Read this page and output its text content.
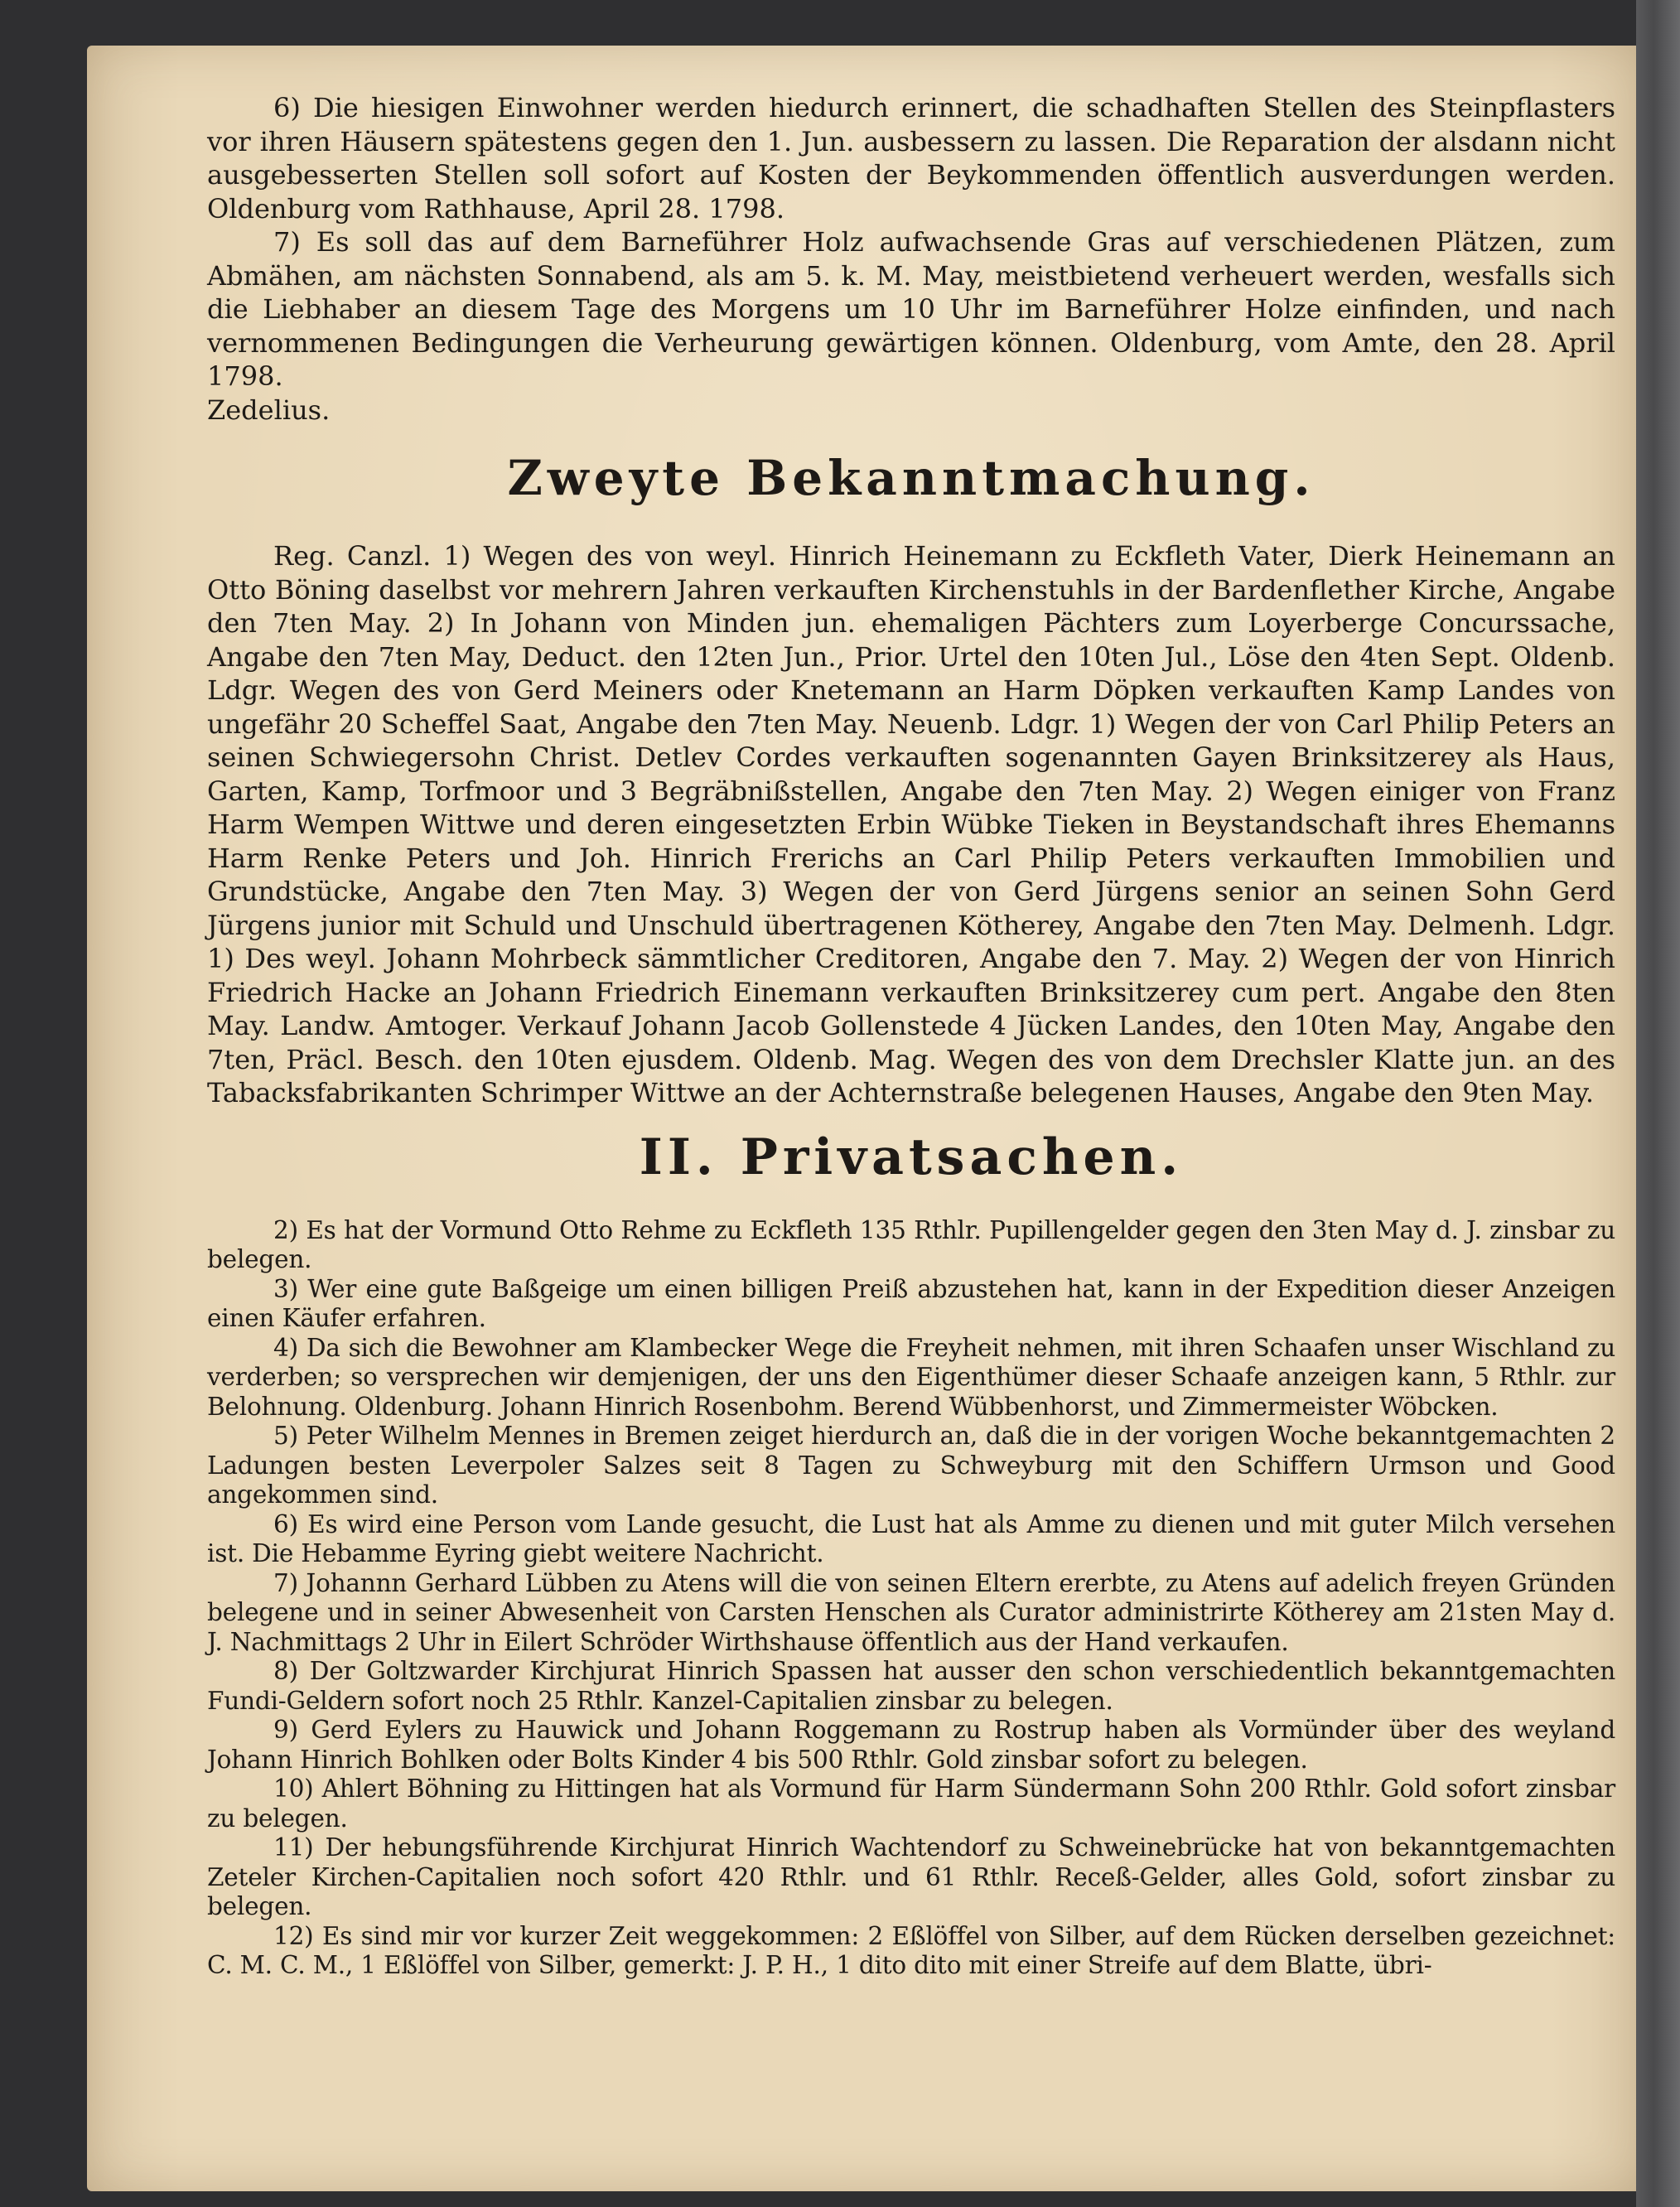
6) Die hiesigen Einwohner werden hiedurch erinnert, die schadhaften Stellen des Steinpflasters vor ihren Häusern spätestens gegen den 1. Jun. ausbessern zu lassen. Die Reparation der alsdann nicht ausgebesserten Stellen soll sofort auf Kosten der Beykommenden öffentlich ausverdungen werden. Oldenburg vom Rathhause, April 28. 1798.

7) Es soll das auf dem Barneführer Holz aufwachsende Gras auf verschiedenen Plätzen, zum Abmähen, am nächsten Sonnabend, als am 5. k. M. May, meistbietend verheuert werden, wesfalls sich die Liebhaber an diesem Tage des Morgens um 10 Uhr im Barneführer Holze einfinden, und nach vernommenen Bedingungen die Verheurung gewärtigen können. Oldenburg, vom Amte, den 28. April 1798.

Zedelius.

Zweyte Bekanntmachung.

Reg. Canzl. 1) Wegen des von weyl. Hinrich Heinemann zu Eckfleth Vater, Dierk Heinemann an Otto Böning daselbst vor mehrern Jahren verkauften Kirchenstuhls in der Bardenflether Kirche, Angabe den 7ten May. 2) In Johann von Minden jun. ehemaligen Pächters zum Loyerberge Concurssache, Angabe den 7ten May, Deduct. den 12ten Jun., Prior. Urtel den 10ten Jul., Löse den 4ten Sept. Oldenb. Ldgr. Wegen des von Gerd Meiners oder Knetemann an Harm Döpken verkauften Kamp Landes von ungefähr 20 Scheffel Saat, Angabe den 7ten May. Neuenb. Ldgr. 1) Wegen der von Carl Philip Peters an seinen Schwiegersohn Christ. Detlev Cordes verkauften sogenannten Gayen Brinksitzerey als Haus, Garten, Kamp, Torfmoor und 3 Begräbnißstellen, Angabe den 7ten May. 2) Wegen einiger von Franz Harm Wempen Wittwe und deren eingesetzten Erbin Wübke Tieken in Beystandschaft ihres Ehemanns Harm Renke Peters und Joh. Hinrich Frerichs an Carl Philip Peters verkauften Immobilien und Grundstücke, Angabe den 7ten May. 3) Wegen der von Gerd Jürgens senior an seinen Sohn Gerd Jürgens junior mit Schuld und Unschuld übertragenen Kötherey, Angabe den 7ten May. Delmenh. Ldgr. 1) Des weyl. Johann Mohrbeck sämmtlicher Creditoren, Angabe den 7. May. 2) Wegen der von Hinrich Friedrich Hacke an Johann Friedrich Einemann verkauften Brinksitzerey cum pert. Angabe den 8ten May. Landw. Amtoger. Verkauf Johann Jacob Gollenstede 4 Jücken Landes, den 10ten May, Angabe den 7ten, Präcl. Besch. den 10ten ejusdem. Oldenb. Mag. Wegen des von dem Drechsler Klatte jun. an des Tabacksfabrikanten Schrimper Wittwe an der Achternstraße belegenen Hauses, Angabe den 9ten May.

II. Privatsachen.

2) Es hat der Vormund Otto Rehme zu Eckfleth 135 Rthlr. Pupillengelder gegen den 3ten May d. J. zinsbar zu belegen.

3) Wer eine gute Baßgeige um einen billigen Preiß abzustehen hat, kann in der Expedition dieser Anzeigen einen Käufer erfahren.

4) Da sich die Bewohner am Klambecker Wege die Freyheit nehmen, mit ihren Schaafen unser Wischland zu verderben; so versprechen wir demjenigen, der uns den Eigenthümer dieser Schaafe anzeigen kann, 5 Rthlr. zur Belohnung. Oldenburg. Johann Hinrich Rosenbohm. Berend Wübbenhorst, und Zimmermeister Wöbcken.

5) Peter Wilhelm Mennes in Bremen zeiget hierdurch an, daß die in der vorigen Woche bekanntgemachten 2 Ladungen besten Leverpoler Salzes seit 8 Tagen zu Schweyburg mit den Schiffern Urmson und Good angekommen sind.

6) Es wird eine Person vom Lande gesucht, die Lust hat als Amme zu dienen und mit guter Milch versehen ist. Die Hebamme Eyring giebt weitere Nachricht.

7) Johannn Gerhard Lübben zu Atens will die von seinen Eltern ererbte, zu Atens auf adelich freyen Gründen belegene und in seiner Abwesenheit von Carsten Henschen als Curator administrirte Kötherey am 21sten May d. J. Nachmittags 2 Uhr in Eilert Schröder Wirthshause öffentlich aus der Hand verkaufen.

8) Der Goltzwarder Kirchjurat Hinrich Spassen hat ausser den schon verschiedentlich bekanntgemachten Fundi-Geldern sofort noch 25 Rthlr. Kanzel-Capitalien zinsbar zu belegen.

9) Gerd Eylers zu Hauwick und Johann Roggemann zu Rostrup haben als Vormünder über des weyland Johann Hinrich Bohlken oder Bolts Kinder 4 bis 500 Rthlr. Gold zinsbar sofort zu belegen.

10) Ahlert Böhning zu Hittingen hat als Vormund für Harm Sündermann Sohn 200 Rthlr. Gold sofort zinsbar zu belegen.

11) Der hebungsführende Kirchjurat Hinrich Wachtendorf zu Schweinebrücke hat von bekanntgemachten Zeteler Kirchen-Capitalien noch sofort 420 Rthlr. und 61 Rthlr. Receß-Gelder, alles Gold, sofort zinsbar zu belegen.

12) Es sind mir vor kurzer Zeit weggekommen: 2 Eßlöffel von Silber, auf dem Rücken derselben gezeichnet: C. M. C. M., 1 Eßlöffel von Silber, gemerkt: J. P. H., 1 dito dito mit einer Streife auf dem Blatte, übri-
